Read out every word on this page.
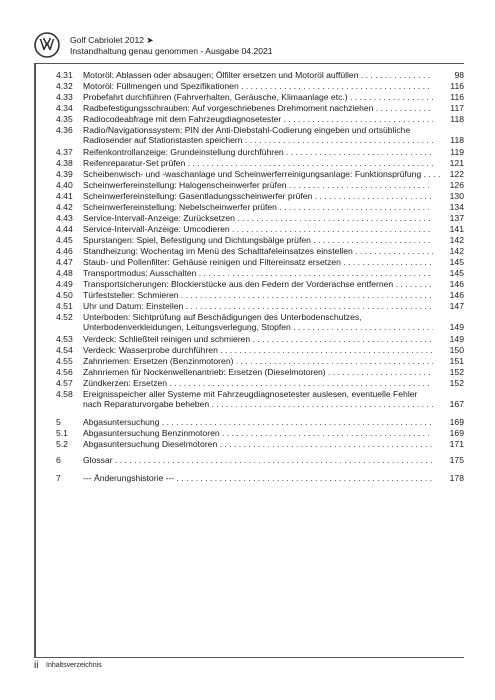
Golf Cabriolet 2012 ➤
Instandhaltung genau genommen - Ausgabe 04.2021
4.31 Motoröl: Ablassen oder absaugen; Ölfilter ersetzen und Motoröl auffüllen . . .	98
4.32 Motoröl: Füllmengen und Spezifikationen . . .	116
4.33 Probefahrt durchführen (Fahrverhalten, Geräusche, Klimaanlage etc.) . . .	116
4.34 Radbefestigungsschrauben: Auf vorgeschriebenes Drehmoment nachziehen . . .	117
4.35 Radiocodeabfrage mit dem Fahrzeugdiagnosetester . . .	118
4.36 Radio/Navigationssystem: PIN der Anti-Diebstahl-Codierung eingeben und ortsübliche
Radiosender auf Stationstasten speichern . . .	118
4.37 Reifenkontrollanzeige: Grundeinstellung durchführen . . .	119
4.38 Reifenreparatur-Set prüfen . . .	121
4.39 Scheibenwisch- und -waschanlage und Scheinwerferreinigungsanlage: Funktionsprüfung . . .	122
4.40 Scheinwerfereinstellung: Halogenscheinwerfer prüfen . . .	126
4.41 Scheinwerfereinstellung: Gasentladungsscheinwerfer prüfen . . .	130
4.42 Scheinwerfereinstellung: Nebelscheinwerfer prüfen . . .	134
4.43 Service-Intervall-Anzeige: Zurücksetzen . . .	137
4.44 Service-Intervall-Anzeige: Umcodieren . . .	141
4.45 Spurstangen: Spiel, Befestigung und Dichtungsbälge prüfen . . .	142
4.46 Standheizung: Wochentag im Menü des Schalttafeleinsatzes einstellen . . .	142
4.47 Staub- und Pollenfilter: Gehäuse reinigen und Filtereinsatz ersetzen . . .	145
4.48 Transportmodus: Ausschalten . . .	145
4.49 Transportsicherungen: Blockierstücke aus den Federn der Vorderachse entfernen . . .	146
4.50 Türfeststeller: Schmieren . . .	146
4.51 Uhr und Datum: Einstellen . . .	147
4.52 Unterboden: Sichtprüfung auf Beschädigungen des Unterbodenschutzes,
Unterbodenverkleidungen, Leitungsverlegung, Stopfen . . .	149
4.53 Verdeck: Schließteil reinigen und schmieren . . .	149
4.54 Verdeck: Wasserprobe durchführen . . .	150
4.55 Zahnriemen: Ersetzen (Benzinmotoren) . . .	151
4.56 Zahnriemen für Nockenwellenantrieb: Ersetzen (Dieselmotoren) . . .	152
4.57 Zündkerzen: Ersetzen . . .	152
4.58 Ereignisspeicher aller Systeme mit Fahrzeugdiagnosetester auslesen, eventuelle Fehler
nach Reparaturvorgabe beheben . . .	167
5	Abgasuntersuchung . . .	169
5.1 Abgasuntersuchung Benzinmotoren . . .	169
5.2 Abgasuntersuchung Dieselmotoren . . .	171
6	Glossar . . .	175
7	--- Änderungshistorie --- . . .	178
ii Inhaltsverzeichnis
